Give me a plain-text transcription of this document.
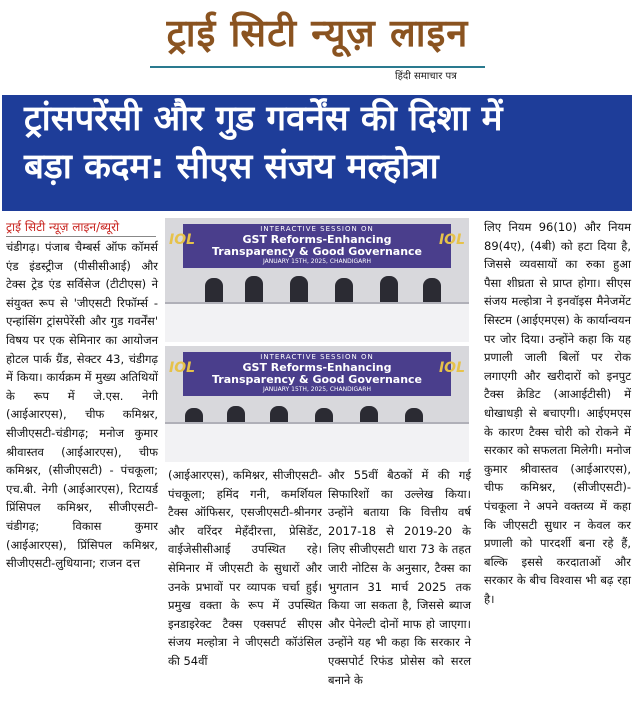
ट्राई सिटी न्यूज़ लाइन
हिंदी समाचार पत्र
ट्रांसपरेंसी और गुड गवर्नेंस की दिशा में
बड़ा कदम: सीएस संजय मल्होत्रा
ट्राई सिटी न्यूज़ लाइन/ब्यूरो
चंडीगढ़। पंजाब चैम्बर्स ऑफ कॉमर्स एंड इंडस्ट्रीज (पीसीसीआई) और टेक्स ट्रेड एंड सर्विसेज (टीटीएस) ने संयुक्त रूप से 'जीएसटी रिफॉर्म्स - एन्हांसिंग ट्रांसपेरेंसी और गुड गवर्नेंस' विषय पर एक सेमिनार का आयोजन होटल पार्क ग्रैंड, सेक्टर 43, चंडीगढ़ में किया। कार्यक्रम में मुख्य अतिथियों के रूप में जे.एस. नेगी (आईआरएस), चीफ कमिश्नर, सीजीएसटी-चंडीगढ़; मनोज कुमार श्रीवास्तव (आईआरएस), चीफ कमिश्नर, (सीजीएसटी) - पंचकूला; एच.बी. नेगी (आईआरएस), रिटायर्ड प्रिंसिपल कमिश्नर, सीजीएसटी-चंडीगढ़; विकास कुमार (आईआरएस), प्रिंसिपल कमिश्नर, सीजीएसटी-लुधियाना; राजन दत्त
INTERACTIVE SESSION ON
GST Reforms-Enhancing
Transparency & Good Governance
JANUARY 15TH, 2025, CHANDIGARH
IOL	IOL
INTERACTIVE SESSION ON
GST Reforms-Enhancing
Transparency & Good Governance
JANUARY 15TH, 2025, CHANDIGARH
IOL	IOL
(आईआरएस), कमिश्नर, सीजीएसटी-पंचकूला; हमिंद गनी, कमर्शियल टैक्स ऑफिसर, एसजीएसटी-श्रीनगर और वरिंदर मेहँदीरत्ता, प्रेसिडेंट, वाईजेसीसीआई उपस्थित रहे। सेमिनार में जीएसटी के सुधारों और उनके प्रभावों पर व्यापक चर्चा हुई। प्रमुख वक्ता के रूप में उपस्थित इनडाइरेक्ट टैक्स एक्सपर्ट सीएस संजय मल्होत्रा ने जीएसटी कॉउंसिल की 54वीं
और 55वीं बैठकों में की गई सिफारिशों का उल्लेख किया। उन्होंने बताया कि वित्तीय वर्ष 2017-18 से 2019-20 के लिए सीजीएसटी धारा 73 के तहत जारी नोटिस के अनुसार, टैक्स का भुगतान 31 मार्च 2025 तक किया जा सकता है, जिससे ब्याज और पेनेल्टी दोनों माफ हो जाएगा। उन्होंने यह भी कहा कि सरकार ने एक्सपोर्ट रिफंड प्रोसेस को सरल बनाने के
लिए नियम 96(10) और नियम 89(4ए), (4बी) को हटा दिया है, जिससे व्यवसायों का रुका हुआ पैसा शीघ्रता से प्राप्त होगा। सीएस संजय मल्होत्रा ने इनवॉइस मैनेजमेंट सिस्टम (आईएमएस) के कार्यान्वयन पर जोर दिया। उन्होंने कहा कि यह प्रणाली जाली बिलों पर रोक लगाएगी और खरीदारों को इनपुट टैक्स क्रेडिट (आआईटीसी) में धोखाधड़ी से बचाएगी। आईएमएस के कारण टैक्स चोरी को रोकने में सरकार को सफलता मिलेगी। मनोज कुमार श्रीवास्तव (आईआरएस), चीफ कमिश्नर, (सीजीएसटी)-पंचकूला ने अपने वक्तव्य में कहा कि जीएसटी सुधार न केवल कर प्रणाली को पारदर्शी बना रहे हैं, बल्कि इससे करदाताओं और सरकार के बीच विश्वास भी बढ़ रहा है।
